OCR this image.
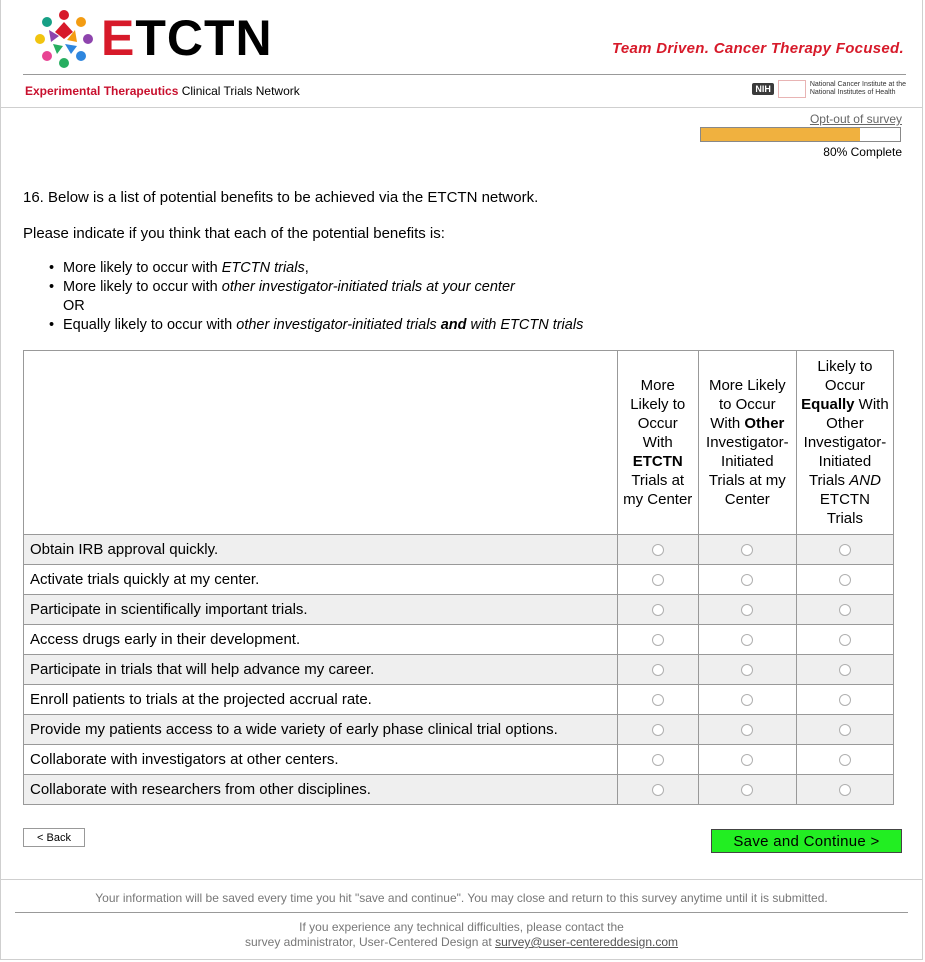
ETCTN	Team Driven. Cancer Therapy Focused.
Experimental Therapeutics Clinical Trials Network	NIH	National Cancer Institute at the
National Institutes of Health
Opt-out of survey
80% Complete
16. Below is a list of potential benefits to be achieved via the ETCTN network.
Please indicate if you think that each of the potential benefits is:
• More likely to occur with ETCTN trials,
• More likely to occur with other investigator-initiated trials at your center
OR
• Equally likely to occur with other investigator-initiated trials and with ETCTN trials
	More Likely to Occur With ETCTN Trials at my Center	More Likely to Occur With Other Investigator-Initiated Trials at my Center	Likely to Occur Equally With Other Investigator-Initiated Trials AND ETCTN Trials
Obtain IRB approval quickly.			
Activate trials quickly at my center.			
Participate in scientifically important trials.			
Access drugs early in their development.			
Participate in trials that will help advance my career.			
Enroll patients to trials at the projected accrual rate.			
Provide my patients access to a wide variety of early phase clinical trial options.			
Collaborate with investigators at other centers.			
Collaborate with researchers from other disciplines.			
< Back	Save and Continue >
Your information will be saved every time you hit "save and continue". You may close and return to this survey anytime until it is submitted.
If you experience any technical difficulties, please contact the
survey administrator, User-Centered Design at survey@user-centereddesign.com
